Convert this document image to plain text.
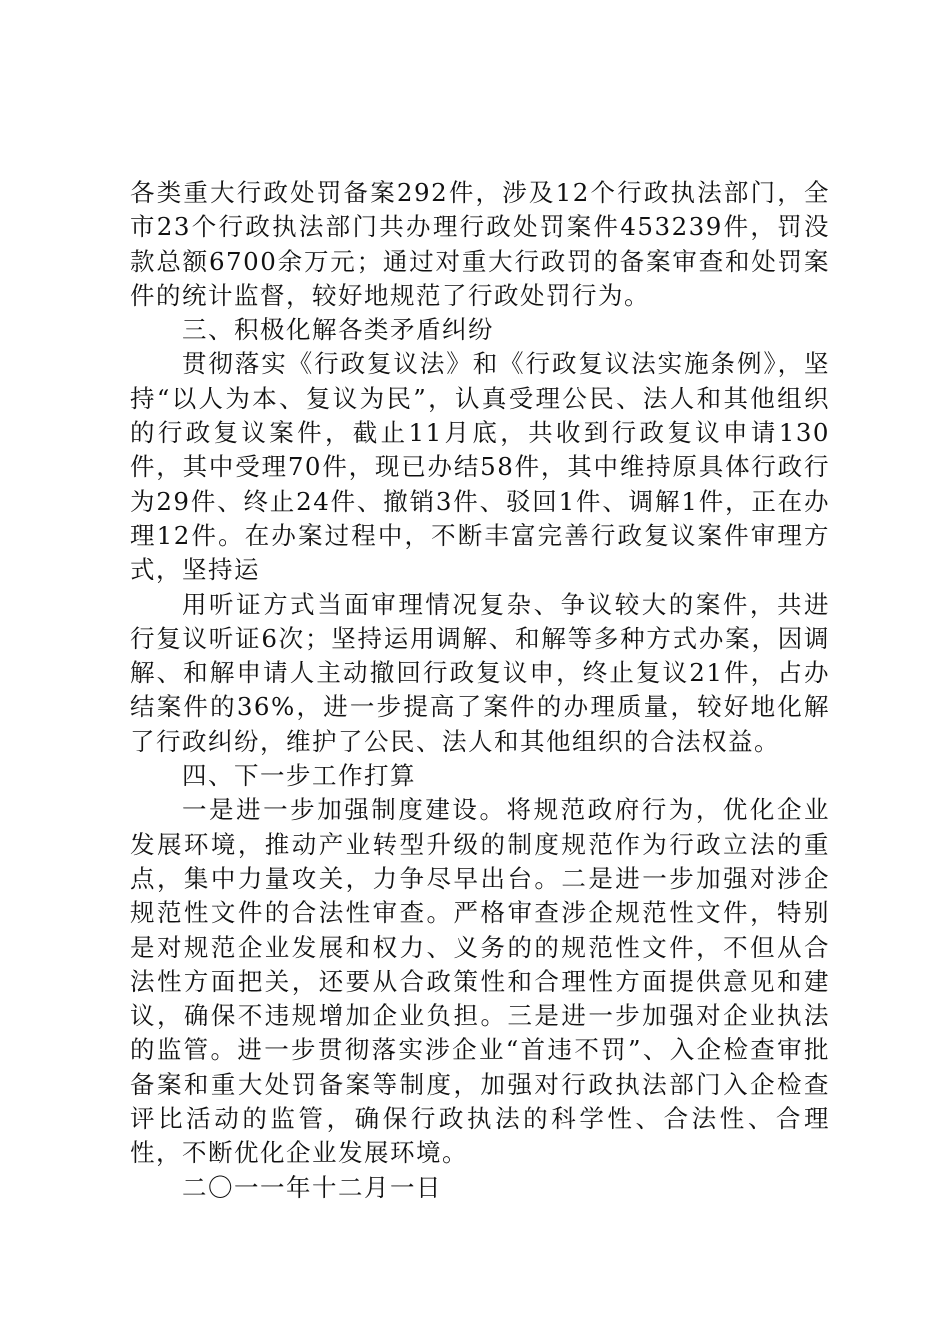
各类重大行政处罚备案292件，涉及12个行政执法部门，全市23个行政执法部门共办理行政处罚案件453239件，罚没款总额6700余万元；通过对重大行政罚的备案审查和处罚案件的统计监督，较好地规范了行政处罚行为。

三、积极化解各类矛盾纠纷

贯彻落实《行政复议法》和《行政复议法实施条例》，坚持“以人为本、复议为民”，认真受理公民、法人和其他组织的行政复议案件，截止11月底，共收到行政复议申请130件，其中受理70件，现已办结58件，其中维持原具体行政行为29件、终止24件、撤销3件、驳回1件、调解1件，正在办理12件。在办案过程中，不断丰富完善行政复议案件审理方式，坚持运

用听证方式当面审理情况复杂、争议较大的案件，共进行复议听证6次；坚持运用调解、和解等多种方式办案，因调解、和解申请人主动撤回行政复议申，终止复议21件，占办结案件的36%，进一步提高了案件的办理质量，较好地化解了行政纠纷，维护了公民、法人和其他组织的合法权益。

四、下一步工作打算

一是进一步加强制度建设。将规范政府行为，优化企业发展环境，推动产业转型升级的制度规范作为行政立法的重点，集中力量攻关，力争尽早出台。二是进一步加强对涉企规范性文件的合法性审查。严格审查涉企规范性文件，特别是对规范企业发展和权力、义务的的规范性文件，不但从合法性方面把关，还要从合政策性和合理性方面提供意见和建议，确保不违规增加企业负担。三是进一步加强对企业执法的监管。进一步贯彻落实涉企业“首违不罚”、入企检查审批备案和重大处罚备案等制度，加强对行政执法部门入企检查评比活动的监管，确保行政执法的科学性、合法性、合理性，不断优化企业发展环境。

二〇一一年十二月一日
